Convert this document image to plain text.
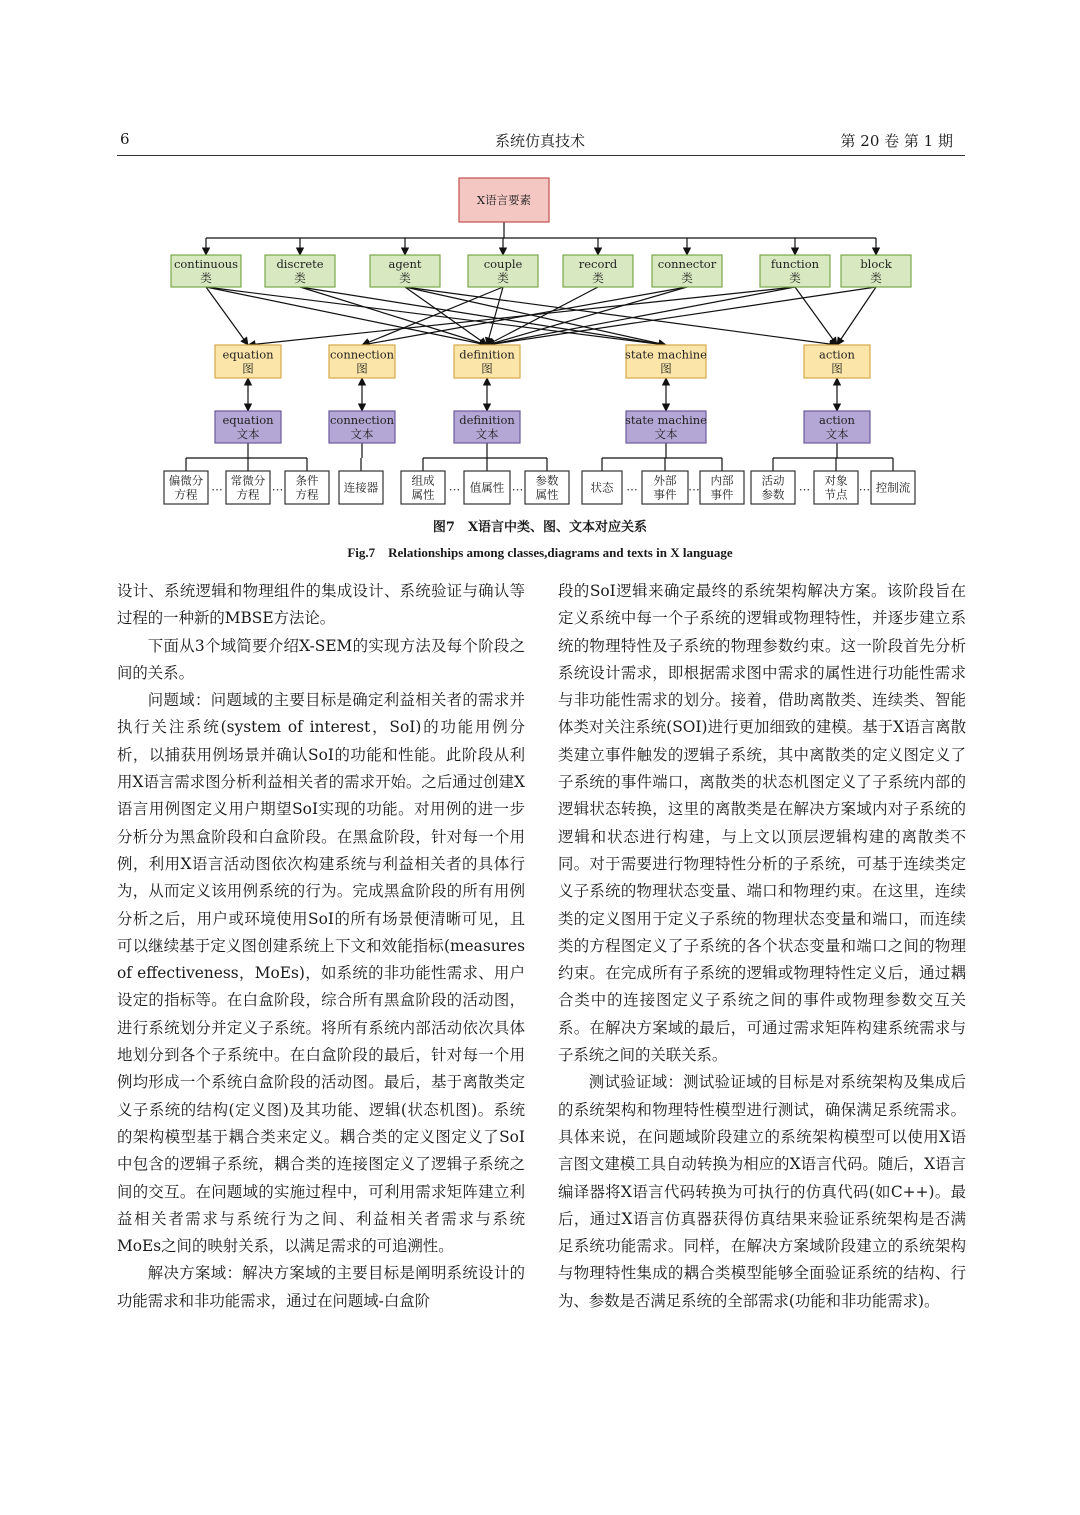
6	系统仿真技术	第 20 卷 第 1 期
X语言要素
continuous
类
discrete
类
agent
类
couple
类
record
类
connector
类
function
类
block
类
equation
图
connection
图
definition
图
state machine
图
action
图
equation
文本
connection
文本
definition
文本
state machine
文本
action
文本
偏微分
方程
常微分
方程
条件
方程 连接器	组成
属性	值属性	参数
属性	状态	外部
事件
内部
事件
活动
参数
对象
节点 控制流
…	…	…	…	…	…	…	…
图7　X语言中类、图、文本对应关系
Fig.7　Relationships among classes,diagrams and texts in X language

设计、系统逻辑和物理组件的集成设计、系统验证与确认等过程的一种新的MBSE方法论。

下面从3个域简要介绍X-SEM的实现方法及每个阶段之间的关系。

问题域：问题域的主要目标是确定利益相关者的需求并执行关注系统(system of interest，SoI)的功能用例分析，以捕获用例场景并确认SoI的功能和性能。此阶段从利用X语言需求图分析利益相关者的需求开始。之后通过创建X语言用例图定义用户期望SoI实现的功能。对用例的进一步分析分为黑盒阶段和白盒阶段。在黑盒阶段，针对每一个用例，利用X语言活动图依次构建系统与利益相关者的具体行为，从而定义该用例系统的行为。完成黑盒阶段的所有用例分析之后，用户或环境使用SoI的所有场景便清晰可见，且可以继续基于定义图创建系统上下文和效能指标(measures of effectiveness，MoEs)，如系统的非功能性需求、用户设定的指标等。在白盒阶段，综合所有黑盒阶段的活动图，进行系统划分并定义子系统。将所有系统内部活动依次具体地划分到各个子系统中。在白盒阶段的最后，针对每一个用例均形成一个系统白盒阶段的活动图。最后，基于离散类定义子系统的结构(定义图)及其功能、逻辑(状态机图)。系统的架构模型基于耦合类来定义。耦合类的定义图定义了SoI中包含的逻辑子系统，耦合类的连接图定义了逻辑子系统之间的交互。在问题域的实施过程中，可利用需求矩阵建立利益相关者需求与系统行为之间、利益相关者需求与系统MoEs之间的映射关系，以满足需求的可追溯性。

解决方案域：解决方案域的主要目标是阐明系统设计的功能需求和非功能需求，通过在问题域-白盒阶

段的SoI逻辑来确定最终的系统架构解决方案。该阶段旨在定义系统中每一个子系统的逻辑或物理特性，并逐步建立系统的物理特性及子系统的物理参数约束。这一阶段首先分析系统设计需求，即根据需求图中需求的属性进行功能性需求与非功能性需求的划分。接着，借助离散类、连续类、智能体类对关注系统(SOI)进行更加细致的建模。基于X语言离散类建立事件触发的逻辑子系统，其中离散类的定义图定义了子系统的事件端口，离散类的状态机图定义了子系统内部的逻辑状态转换，这里的离散类是在解决方案域内对子系统的逻辑和状态进行构建，与上文以顶层逻辑构建的离散类不同。对于需要进行物理特性分析的子系统，可基于连续类定义子系统的物理状态变量、端口和物理约束。在这里，连续类的定义图用于定义子系统的物理状态变量和端口，而连续类的方程图定义了子系统的各个状态变量和端口之间的物理约束。在完成所有子系统的逻辑或物理特性定义后，通过耦合类中的连接图定义子系统之间的事件或物理参数交互关系。在解决方案域的最后，可通过需求矩阵构建系统需求与子系统之间的关联关系。

测试验证域：测试验证域的目标是对系统架构及集成后的系统架构和物理特性模型进行测试，确保满足系统需求。具体来说，在问题域阶段建立的系统架构模型可以使用X语言图文建模工具自动转换为相应的X语言代码。随后，X语言编译器将X语言代码转换为可执行的仿真代码(如C++)。最后，通过X语言仿真器获得仿真结果来验证系统架构是否满足系统功能需求。同样，在解决方案域阶段建立的系统架构与物理特性集成的耦合类模型能够全面验证系统的结构、行为、参数是否满足系统的全部需求(功能和非功能需求)。
